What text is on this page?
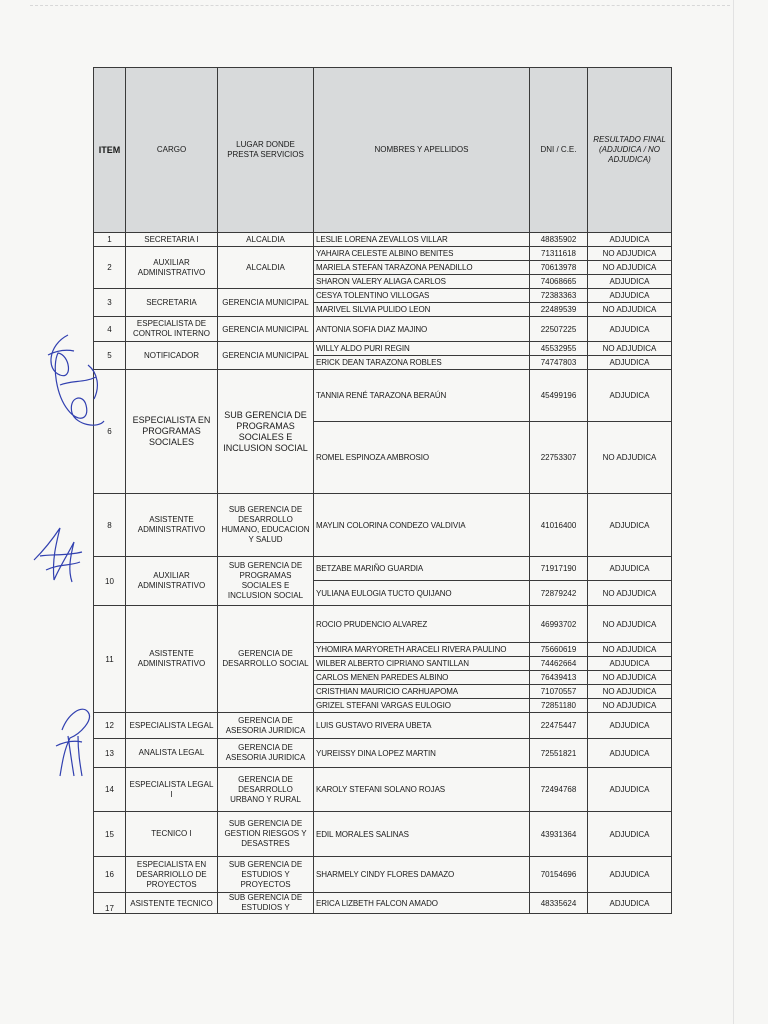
ITEM	CARGO	LUGAR DONDE PRESTA SERVICIOS	NOMBRES Y APELLIDOS	DNI / C.E.	RESULTADO FINAL (ADJUDICA / NO ADJUDICA)
1	SECRETARIA I	ALCALDIA	LESLIE LORENA ZEVALLOS VILLAR	48835902	ADJUDICA
2	AUXILIAR ADMINISTRATIVO	ALCALDIA	YAHAIRA CELESTE ALBINO BENITES	71311618	NO ADJUDICA
			MARIELA STEFAN TARAZONA PENADILLO	70613978	NO ADJUDICA
			SHARON VALERY ALIAGA CARLOS	74068665	ADJUDICA
3	SECRETARIA	GERENCIA MUNICIPAL	CESYA TOLENTINO VILLOGAS	72383363	ADJUDICA
			MARIVEL SILVIA PULIDO LEON	22489539	NO ADJUDICA
4	ESPECIALISTA DE CONTROL INTERNO	GERENCIA MUNICIPAL	ANTONIA SOFIA DIAZ MAJINO	22507225	ADJUDICA
5	NOTIFICADOR	GERENCIA MUNICIPAL	WILLY ALDO PURI REGIN	45532955	NO ADJUDICA
			ERICK DEAN TARAZONA ROBLES	74747803	ADJUDICA
6	ESPECIALISTA EN PROGRAMAS SOCIALES	SUB GERENCIA DE PROGRAMAS SOCIALES E INCLUSION SOCIAL	TANNIA RENÉ TARAZONA BERAÚN	45499196	ADJUDICA
			ROMEL ESPINOZA AMBROSIO	22753307	NO ADJUDICA
8	ASISTENTE ADMINISTRATIVO	SUB GERENCIA DE DESARROLLO HUMANO, EDUCACION Y SALUD	MAYLIN COLORINA CONDEZO VALDIVIA	41016400	ADJUDICA
10	AUXILIAR ADMINISTRATIVO	SUB GERENCIA DE PROGRAMAS SOCIALES E INCLUSION SOCIAL	BETZABE MARIÑO GUARDIA	71917190	ADJUDICA
			YULIANA EULOGIA TUCTO QUIJANO	72879242	NO ADJUDICA
11	ASISTENTE ADMINISTRATIVO	GERENCIA DE DESARROLLO SOCIAL	ROCIO PRUDENCIO ALVAREZ	46993702	NO ADJUDICA
			YHOMIRA MARYORETH ARACELI RIVERA PAULINO	75660619	NO ADJUDICA
			WILBER ALBERTO CIPRIANO SANTILLAN	74462664	ADJUDICA
			CARLOS MENEN PAREDES ALBINO	76439413	NO ADJUDICA
			CRISTHIAN MAURICIO CARHUAPOMA	71070557	NO ADJUDICA
			GRIZEL STEFANI VARGAS EULOGIO	72851180	NO ADJUDICA
12	ESPECIALISTA LEGAL	GERENCIA DE ASESORIA JURIDICA	LUIS GUSTAVO RIVERA UBETA	22475447	ADJUDICA
13	ANALISTA LEGAL	GERENCIA DE ASESORIA JURIDICA	YUREISSY DINA LOPEZ MARTIN	72551821	ADJUDICA
14	ESPECIALISTA LEGAL I	GERENCIA DE DESARROLLO URBANO Y RURAL	KAROLY STEFANI SOLANO ROJAS	72494768	ADJUDICA
15	TECNICO I	SUB GERENCIA DE GESTION RIESGOS Y DESASTRES	EDIL MORALES SALINAS	43931364	ADJUDICA
16	ESPECIALISTA EN DESARRIOLLO DE PROYECTOS	SUB GERENCIA DE ESTUDIOS Y PROYECTOS	SHARMELY CINDY FLORES DAMAZO	70154696	ADJUDICA
17	ASISTENTE TECNICO	SUB GERENCIA DE ESTUDIOS Y	ERICA LIZBETH FALCON AMADO	48335624	ADJUDICA
